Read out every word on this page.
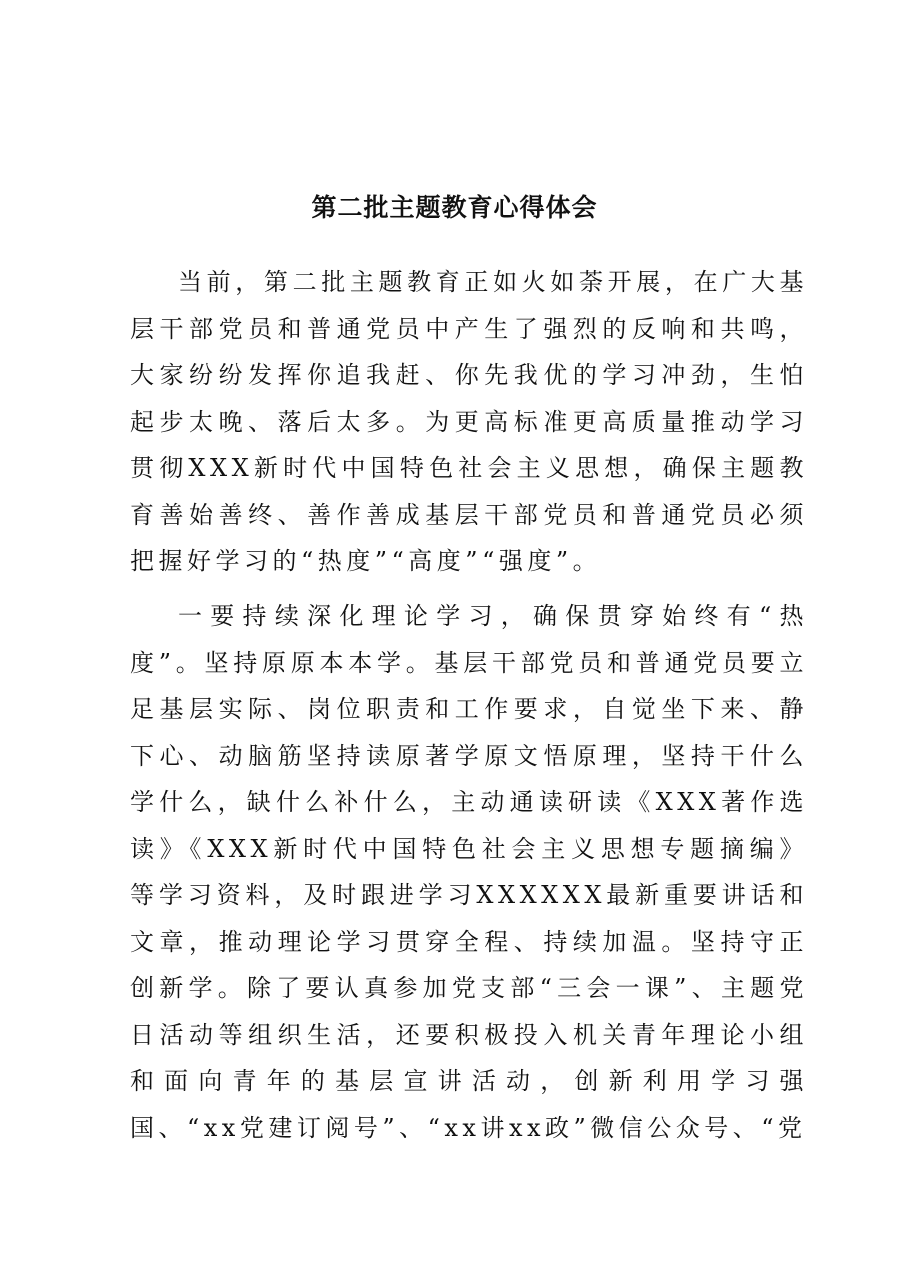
第二批主题教育心得体会

当前，第二批主题教育正如火如荼开展，在广大基层干部党员和普通党员中产生了强烈的反响和共鸣，大家纷纷发挥你追我赶、你先我优的学习冲劲，生怕起步太晚、落后太多。为更高标准更高质量推动学习贯彻XXX新时代中国特色社会主义思想，确保主题教育善始善终、善作善成基层干部党员和普通党员必须把握好学习的“热度”“高度”“强度”。

一要持续深化理论学习，确保贯穿始终有“热度”。坚持原原本本学。基层干部党员和普通党员要立足基层实际、岗位职责和工作要求，自觉坐下来、静下心、动脑筋坚持读原著学原文悟原理，坚持干什么学什么，缺什么补什么，主动通读研读《XXX著作选读》《XXX新时代中国特色社会主义思想专题摘编》等学习资料，及时跟进学习XXXXXX最新重要讲话和文章，推动理论学习贯穿全程、持续加温。坚持守正创新学。除了要认真参加党支部“三会一课”、主题党日活动等组织生活，还要积极投入机关青年理论小组和面向青年的基层宣讲活动，创新利用学习强国、“xx党建订阅号”、“xx讲xx政”微信公众号、“党
